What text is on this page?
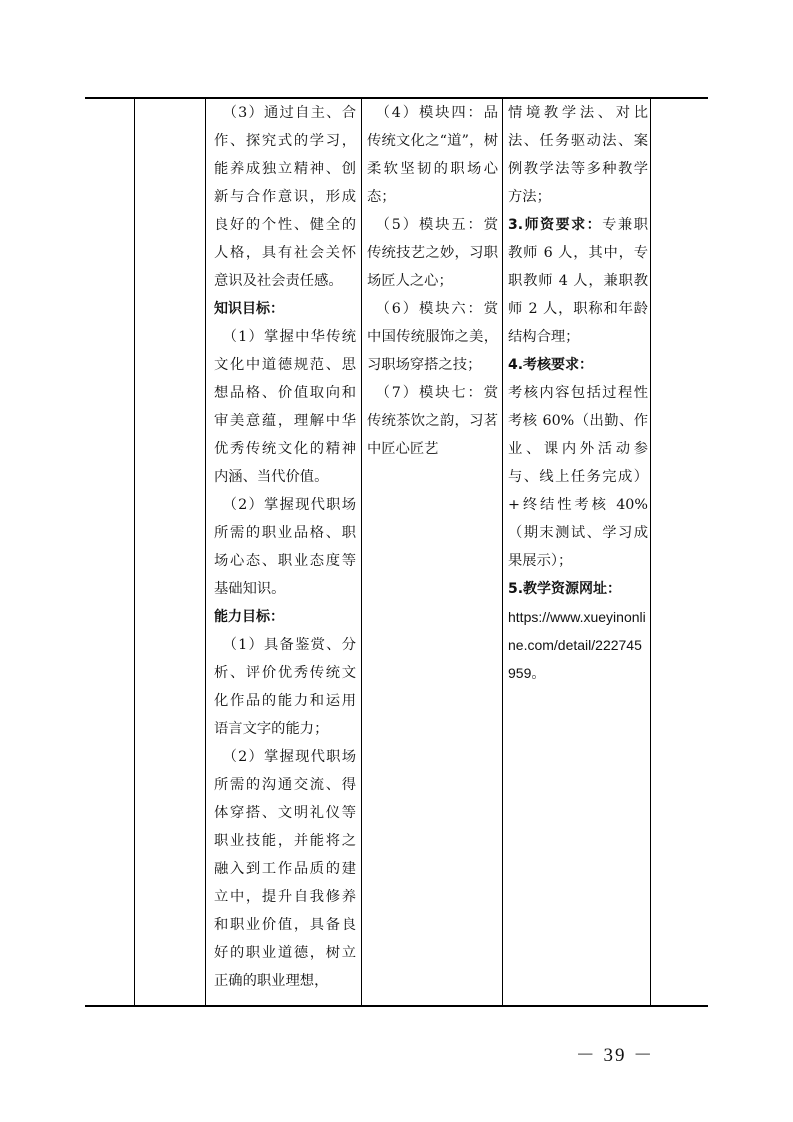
（3）通过自主、合作、探究式的学习，能养成独立精神、创新与合作意识，形成良好的个性、健全的人格，具有社会关怀意识及社会责任感。

知识目标：

（1）掌握中华传统文化中道德规范、思想品格、价值取向和审美意蕴，理解中华优秀传统文化的精神内涵、当代价值。

（2）掌握现代职场所需的职业品格、职场心态、职业态度等基础知识。

能力目标：

（1）具备鉴赏、分析、评价优秀传统文化作品的能力和运用语言文字的能力；

（2）掌握现代职场所需的沟通交流、得体穿搭、文明礼仪等职业技能，并能将之融入到工作品质的建立中，提升自我修养和职业价值，具备良好的职业道德，树立正确的职业理想，

（4）模块四：品传统文化之“道”，树柔软坚韧的职场心态；

（5）模块五：赏传统技艺之妙，习职场匠人之心；

（6）模块六：赏中国传统服饰之美，习职场穿搭之技；

（7）模块七：赏传统茶饮之韵，习茗中匠心匠艺

情境教学法、对比法、任务驱动法、案例教学法等多种教学方法；

3.师资要求：专兼职教师 6 人，其中，专职教师 4 人，兼职教师 2 人，职称和年龄结构合理；

4.考核要求：

考核内容包括过程性考核 60%（出勤、作业、课内外活动参与、线上任务完成）+终结性考核 40%（期末测试、学习成果展示）；

5.教学资源网址：

https://www.xueyinonline.com/detail/222745959。

－ 39 －
